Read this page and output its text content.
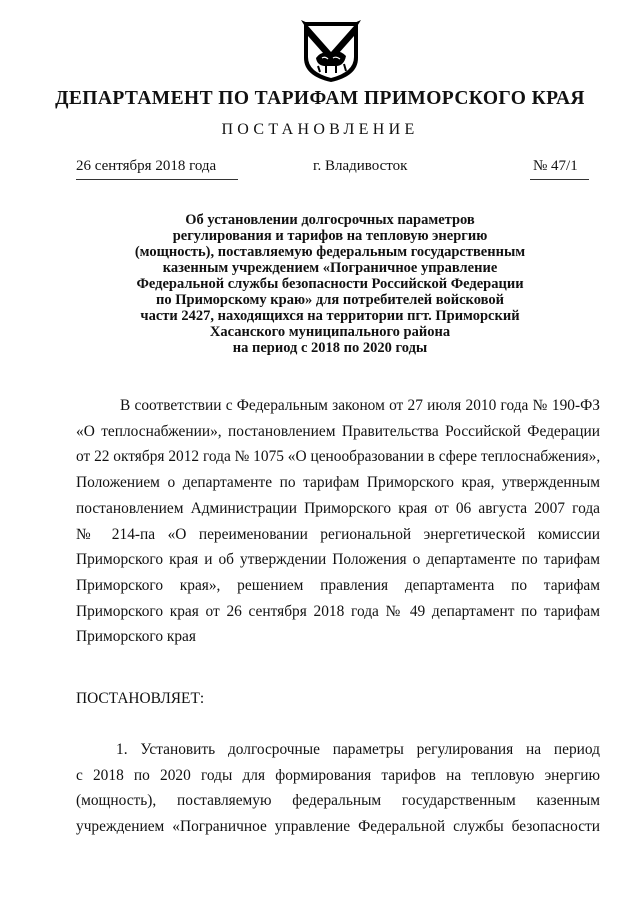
ДЕПАРТАМЕНТ ПО ТАРИФАМ ПРИМОРСКОГО КРАЯ
ПОСТАНОВЛЕНИЕ
26 сентября 2018 года	г. Владивосток	№ 47/1
Об установлении долгосрочных параметров
регулирования и тарифов на тепловую энергию
(мощность), поставляемую федеральным государственным
казенным учреждением «Пограничное управление
Федеральной службы безопасности Российской Федерации
по Приморскому краю» для потребителей войсковой
части 2427, находящихся на территории пгт. Приморский
Хасанского муниципального района
на период с 2018 по 2020 годы
В соответствии с Федеральным законом от 27 июля 2010 года № 190-ФЗ
«О теплоснабжении», постановлением Правительства Российской Федерации
от 22 октября 2012 года № 1075 «О ценообразовании в сфере теплоснабжения»,
Положением о департаменте по тарифам Приморского края, утвержденным
постановлением Администрации Приморского края от 06 августа 2007 года
№ 214-па «О переименовании региональной энергетической комиссии
Приморского края и об утверждении Положения о департаменте по тарифам
Приморского края», решением правления департамента по тарифам
Приморского края от 26 сентября 2018 года № 49 департамент по тарифам
Приморского края
ПОСТАНОВЛЯЕТ:
1. Установить долгосрочные параметры регулирования на период
с 2018 по 2020 годы для формирования тарифов на тепловую энергию
(мощность), поставляемую федеральным государственным казенным
учреждением «Пограничное управление Федеральной службы безопасности
